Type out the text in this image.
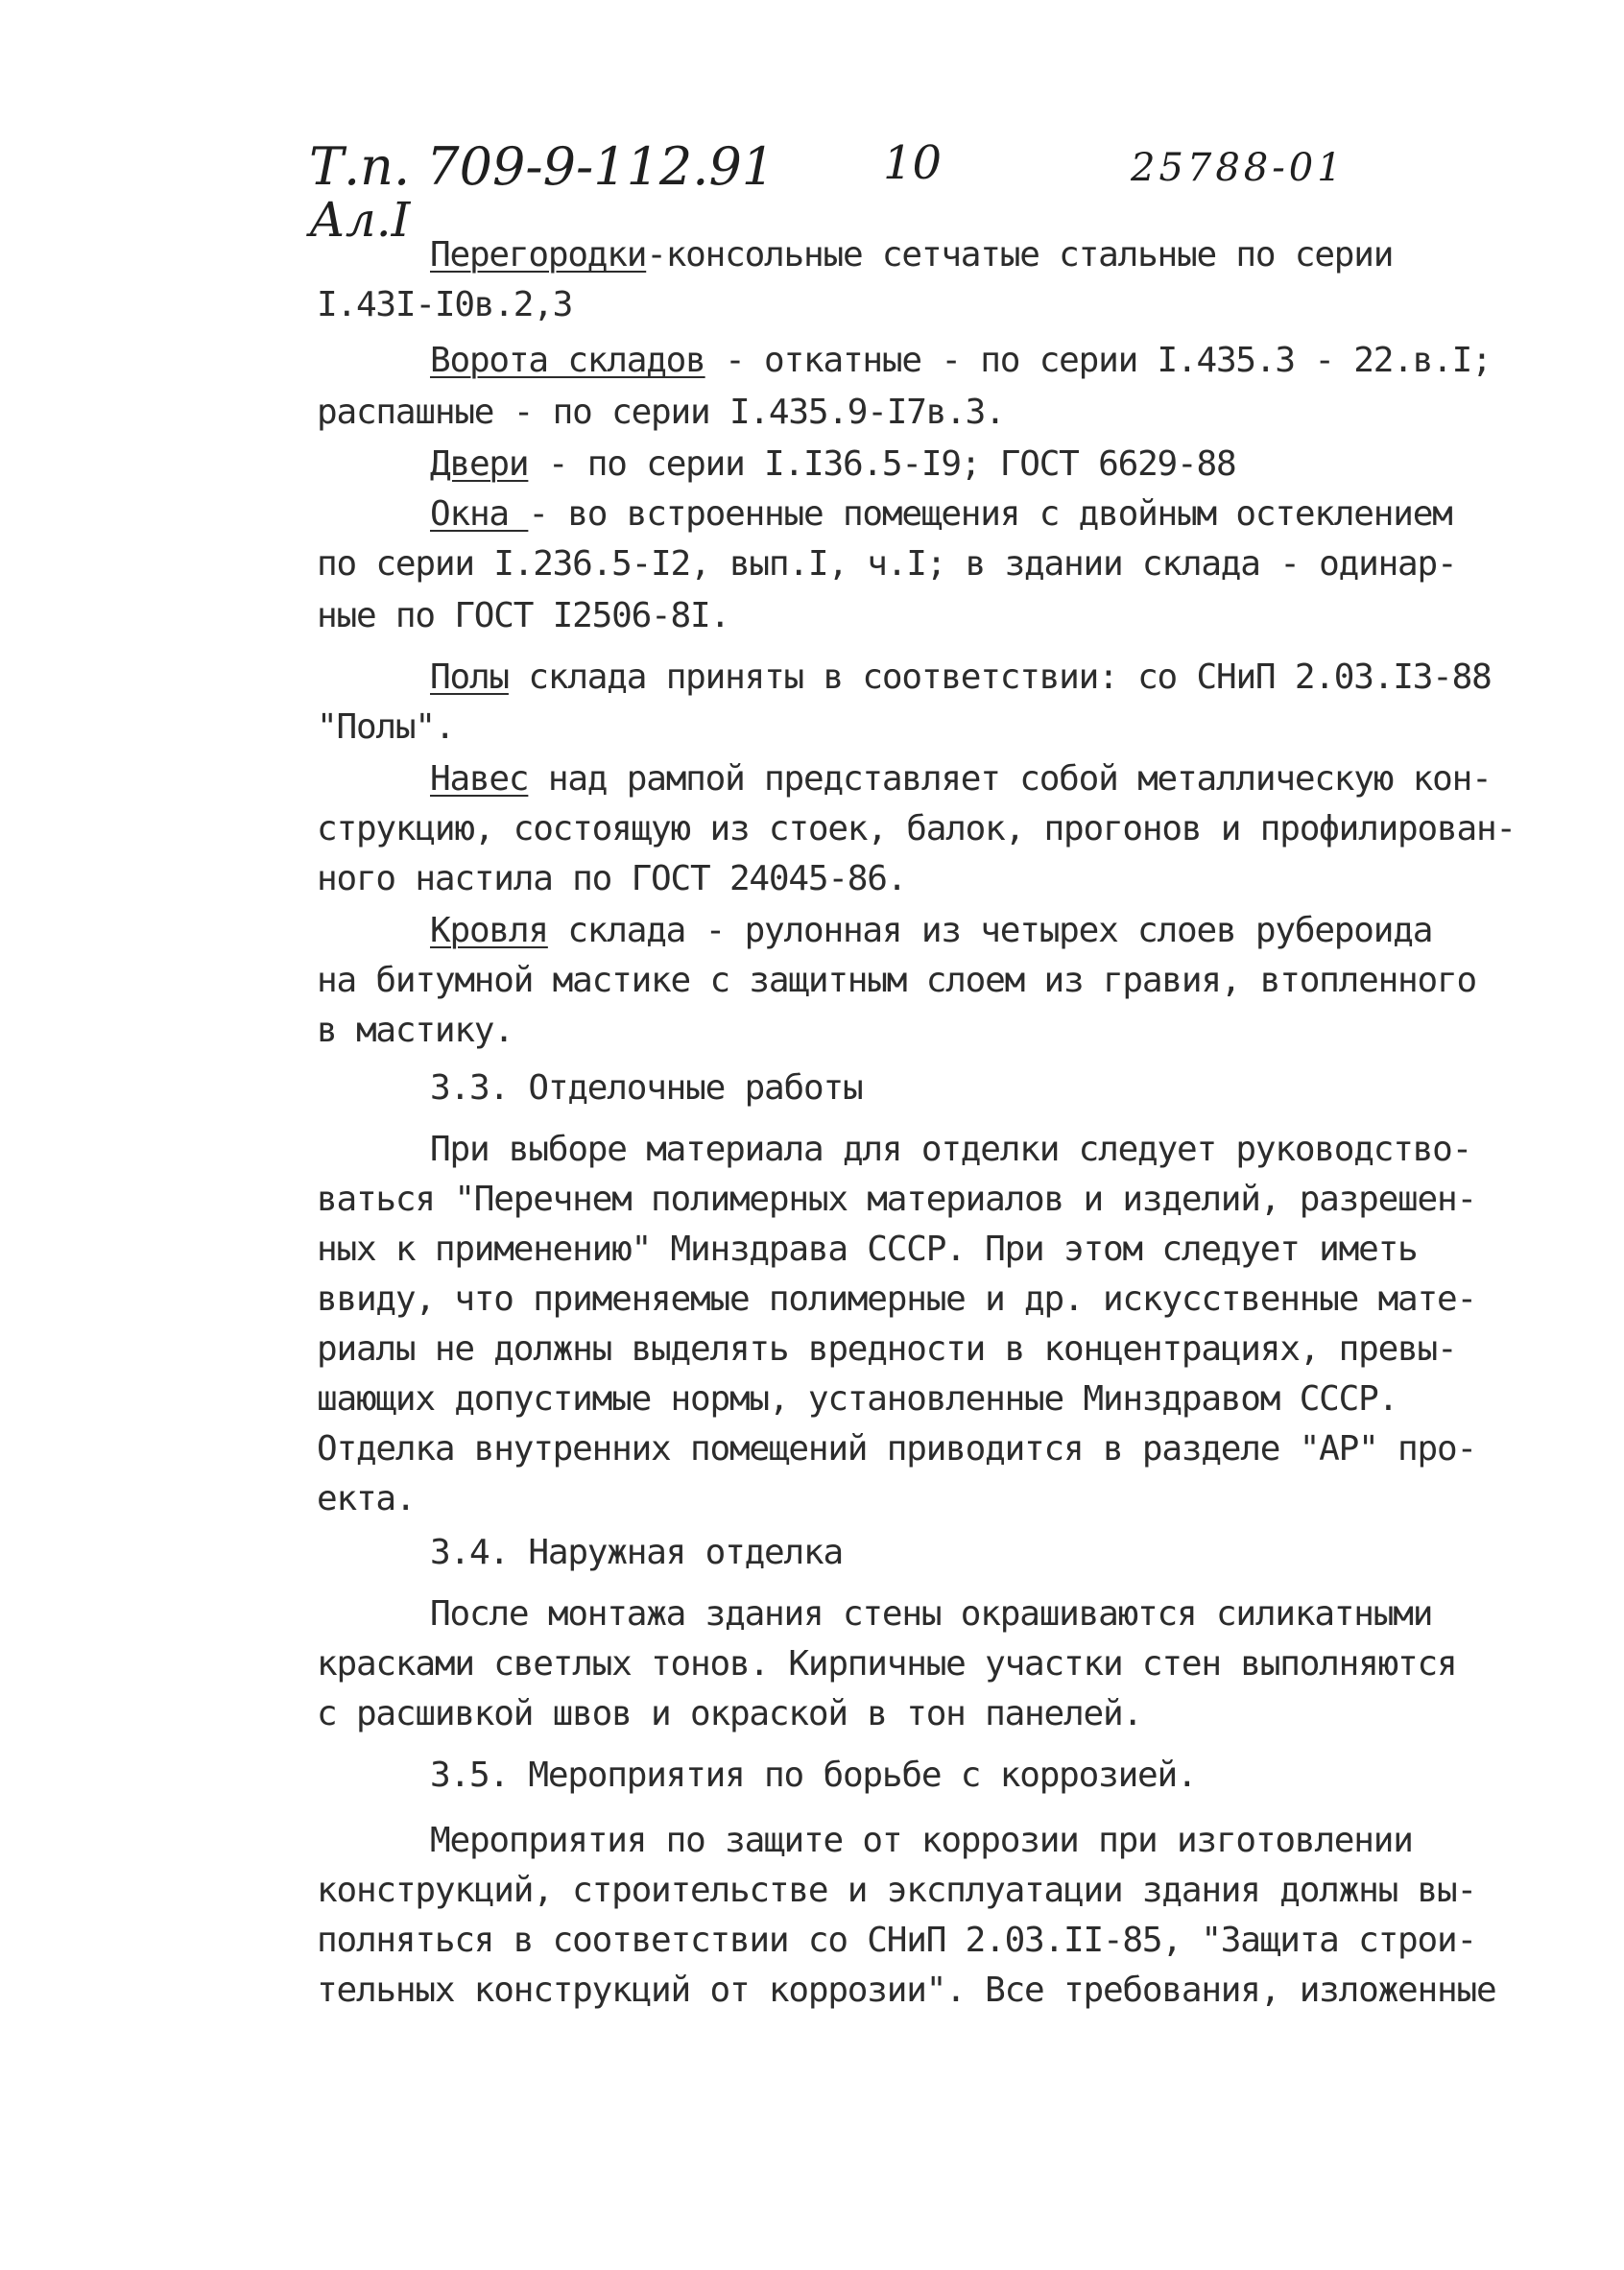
Т.п. 709-9-112.91 10	25788-01
Ал.I
Перегородки-консольные сетчатые стальные по серии
I.43I-I0в.2,3
Ворота складов - откатные - по серии I.435.3 - 22.в.I;
распашные - по серии I.435.9-I7в.3.
Двери - по серии I.I36.5-I9; ГОСТ 6629-88
Окна - во встроенные помещения с двойным остеклением
по серии I.236.5-I2, вып.I, ч.I; в здании склада - одинар-
ные по ГОСТ I2506-8I.
Полы склада приняты в соответствии: со СНиП 2.03.I3-88
"Полы".
Навес над рампой представляет собой металлическую кон-
струкцию, состоящую из стоек, балок, прогонов и профилирован-
ного настила по ГОСТ 24045-86.
Кровля склада - рулонная из четырех слоев рубероида
на битумной мастике с защитным слоем из гравия, втопленного
в мастику.
3.3. Отделочные работы
При выборе материала для отделки следует руководство-
ваться "Перечнем полимерных материалов и изделий, разрешен-
ных к применению" Минздрава СССР. При этом следует иметь
ввиду, что применяемые полимерные и др. искусственные мате-
риалы не должны выделять вредности в концентрациях, превы-
шающих допустимые нормы, установленные Минздравом СССР.
Отделка внутренних помещений приводится в разделе "АР" про-
екта.
3.4. Наружная отделка
После монтажа здания стены окрашиваются силикатными
красками светлых тонов. Кирпичные участки стен выполняются
с расшивкой швов и окраской в тон панелей.
3.5. Мероприятия по борьбе с коррозией.
Мероприятия по защите от коррозии при изготовлении
конструкций, строительстве и эксплуатации здания должны вы-
полняться в соответствии со СНиП 2.03.II-85, "Защита строи-
тельных конструкций от коррозии". Все требования, изложенные
